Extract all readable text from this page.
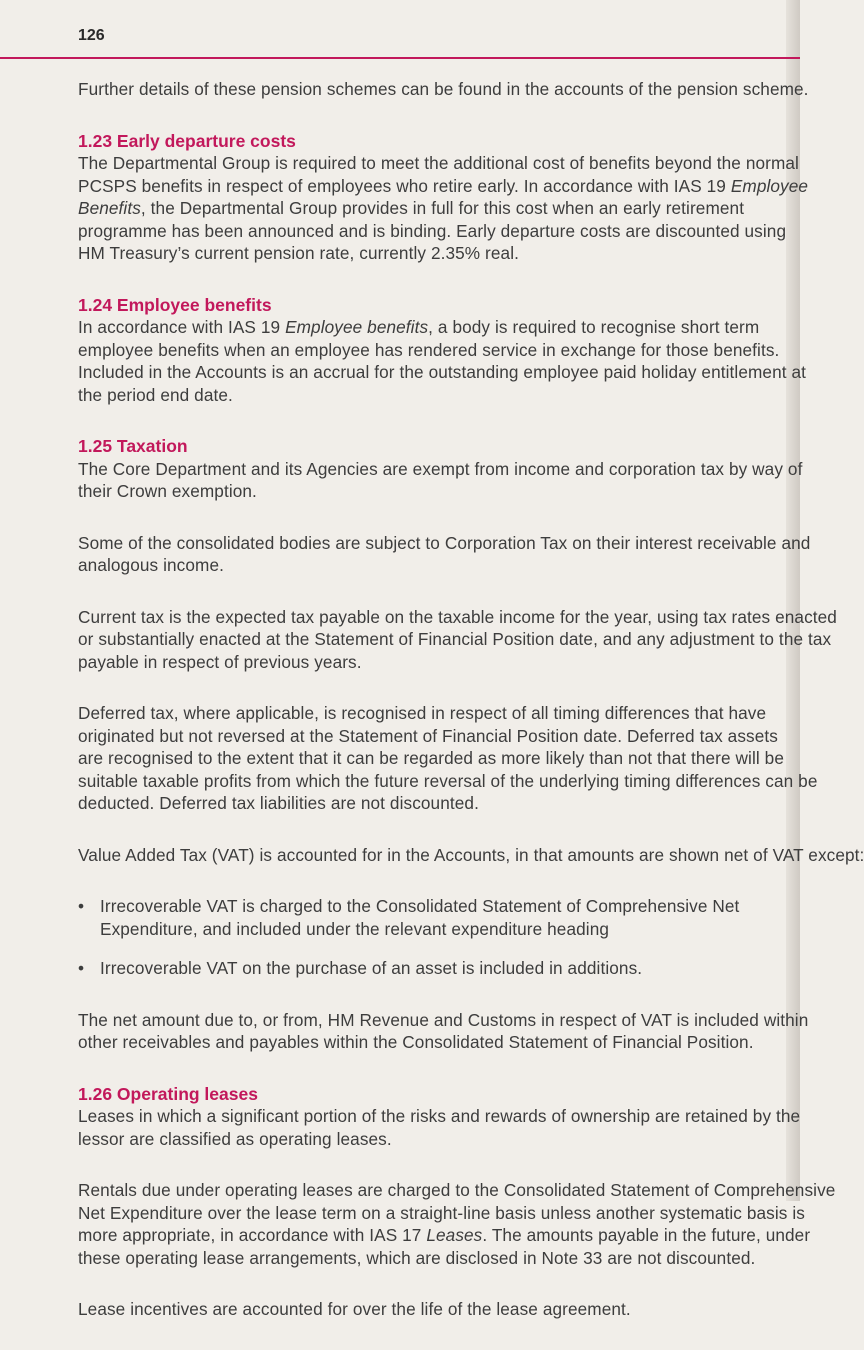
126

Further details of these pension schemes can be found in the accounts of the pension scheme.

1.23 Early departure costs

The Departmental Group is required to meet the additional cost of benefits beyond the normal
PCSPS benefits in respect of employees who retire early. In accordance with IAS 19 Employee
Benefits, the Departmental Group provides in full for this cost when an early retirement
programme has been announced and is binding. Early departure costs are discounted using
HM Treasury’s current pension rate, currently 2.35% real.

1.24 Employee benefits

In accordance with IAS 19 Employee benefits, a body is required to recognise short term
employee benefits when an employee has rendered service in exchange for those benefits.
Included in the Accounts is an accrual for the outstanding employee paid holiday entitlement at
the period end date.

1.25 Taxation

The Core Department and its Agencies are exempt from income and corporation tax by way of
their Crown exemption.

Some of the consolidated bodies are subject to Corporation Tax on their interest receivable and
analogous income.

Current tax is the expected tax payable on the taxable income for the year, using tax rates enacted
or substantially enacted at the Statement of Financial Position date, and any adjustment to the tax
payable in respect of previous years.

Deferred tax, where applicable, is recognised in respect of all timing differences that have
originated but not reversed at the Statement of Financial Position date. Deferred tax assets
are recognised to the extent that it can be regarded as more likely than not that there will be
suitable taxable profits from which the future reversal of the underlying timing differences can be
deducted. Deferred tax liabilities are not discounted.

Value Added Tax (VAT) is accounted for in the Accounts, in that amounts are shown net of VAT except:

• Irrecoverable VAT is charged to the Consolidated Statement of Comprehensive Net
Expenditure, and included under the relevant expenditure heading
• Irrecoverable VAT on the purchase of an asset is included in additions.

The net amount due to, or from, HM Revenue and Customs in respect of VAT is included within
other receivables and payables within the Consolidated Statement of Financial Position.

1.26 Operating leases

Leases in which a significant portion of the risks and rewards of ownership are retained by the
lessor are classified as operating leases.

Rentals due under operating leases are charged to the Consolidated Statement of Comprehensive
Net Expenditure over the lease term on a straight-line basis unless another systematic basis is
more appropriate, in accordance with IAS 17 Leases. The amounts payable in the future, under
these operating lease arrangements, which are disclosed in Note 33 are not discounted.

Lease incentives are accounted for over the life of the lease agreement.
